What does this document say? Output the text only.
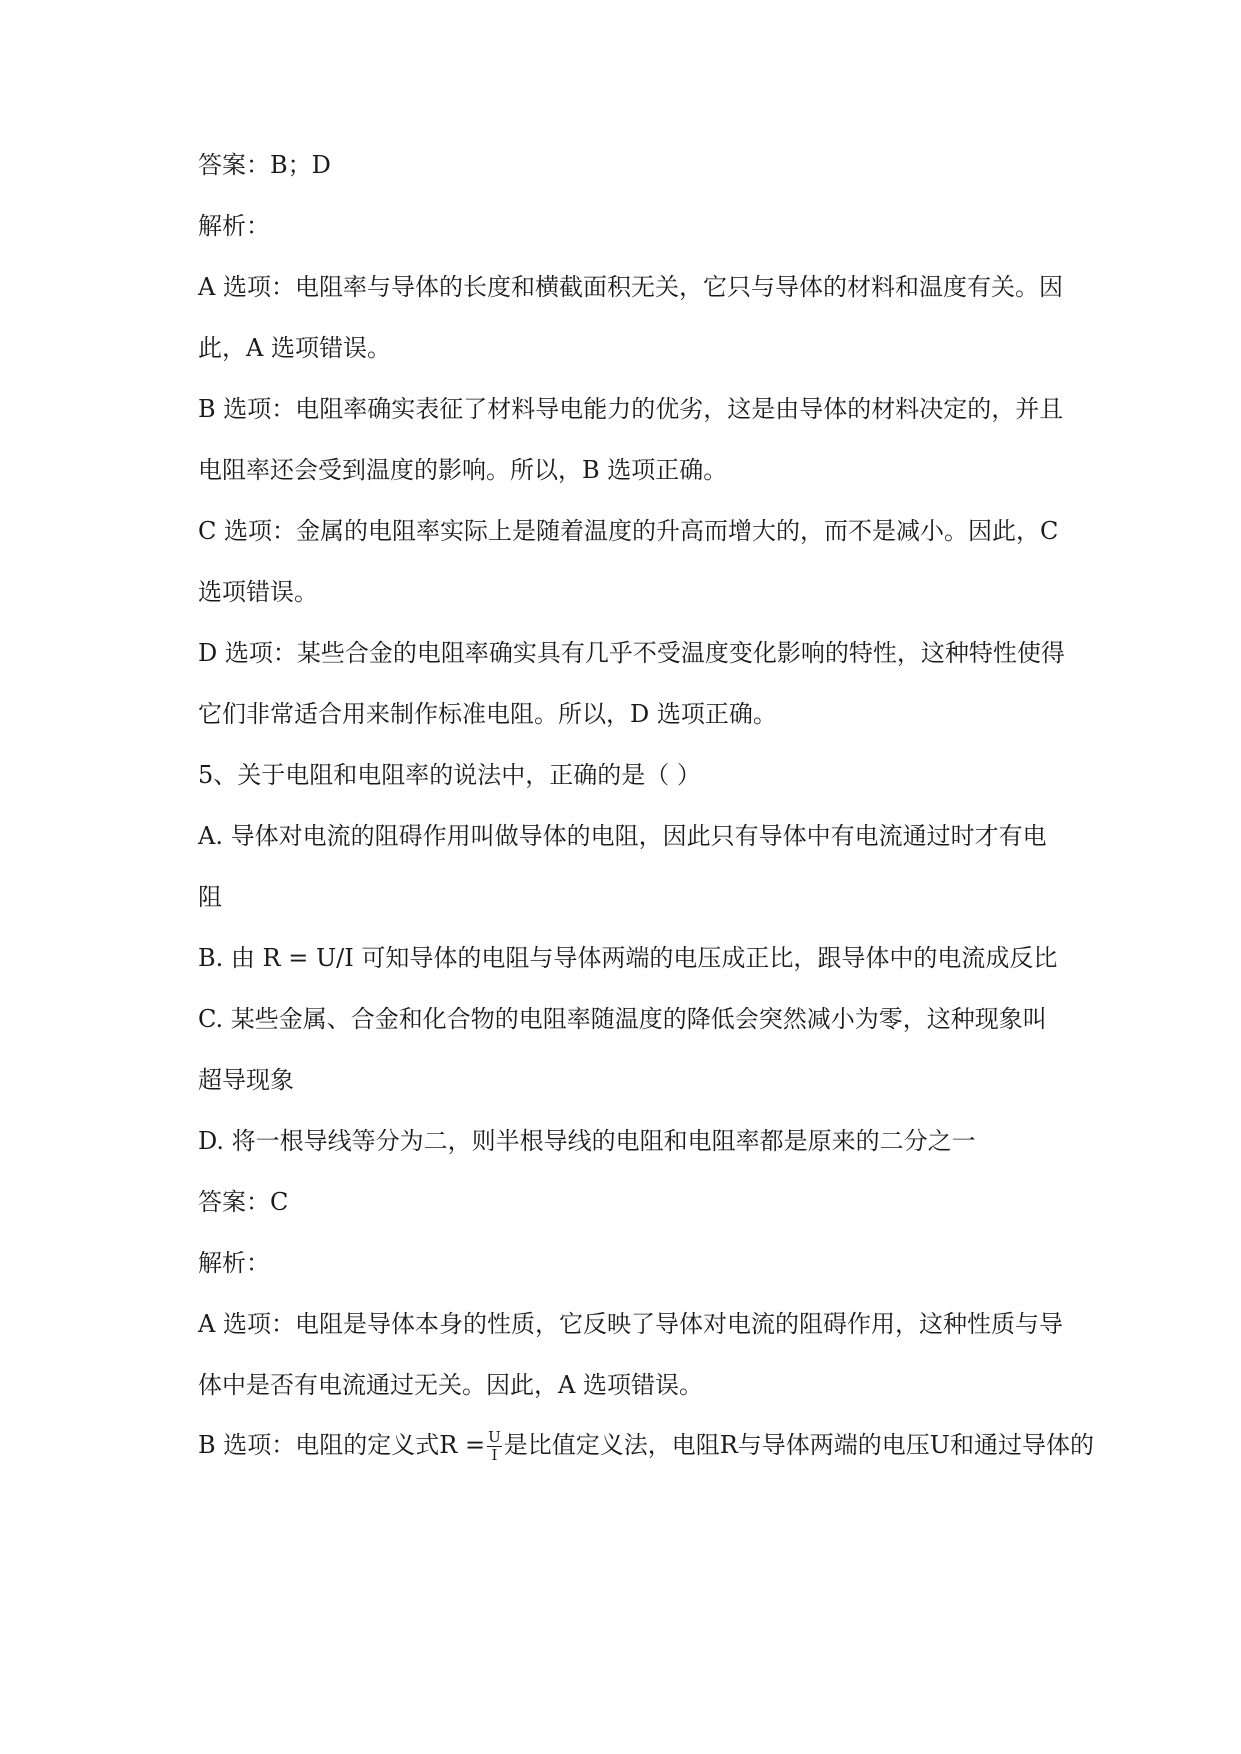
答案：B；D
解析：
A 选项：电阻率与导体的长度和横截面积无关，它只与导体的材料和温度有关。因
此，A 选项错误。
B 选项：电阻率确实表征了材料导电能力的优劣，这是由导体的材料决定的，并且
电阻率还会受到温度的影响。所以，B 选项正确。
C 选项：金属的电阻率实际上是随着温度的升高而增大的，而不是减小。因此，C
选项错误。
D 选项：某些合金的电阻率确实具有几乎不受温度变化影响的特性，这种特性使得
它们非常适合用来制作标准电阻。所以，D 选项正确。
5、关于电阻和电阻率的说法中，正确的是（ ）
A. 导体对电流的阻碍作用叫做导体的电阻，因此只有导体中有电流通过时才有电
阻
B. 由 R = U/I 可知导体的电阻与导体两端的电压成正比，跟导体中的电流成反比
C. 某些金属、合金和化合物的电阻率随温度的降低会突然减小为零，这种现象叫
超导现象
D. 将一根导线等分为二，则半根导线的电阻和电阻率都是原来的二分之一
答案：C
解析：
A 选项：电阻是导体本身的性质，它反映了导体对电流的阻碍作用，这种性质与导
体中是否有电流通过无关。因此，A 选项错误。
B 选项：电阻的定义式$R = \frac{U}{I}$ 是比值定义法，电阻R与导体两端的电压U和通过导体的
